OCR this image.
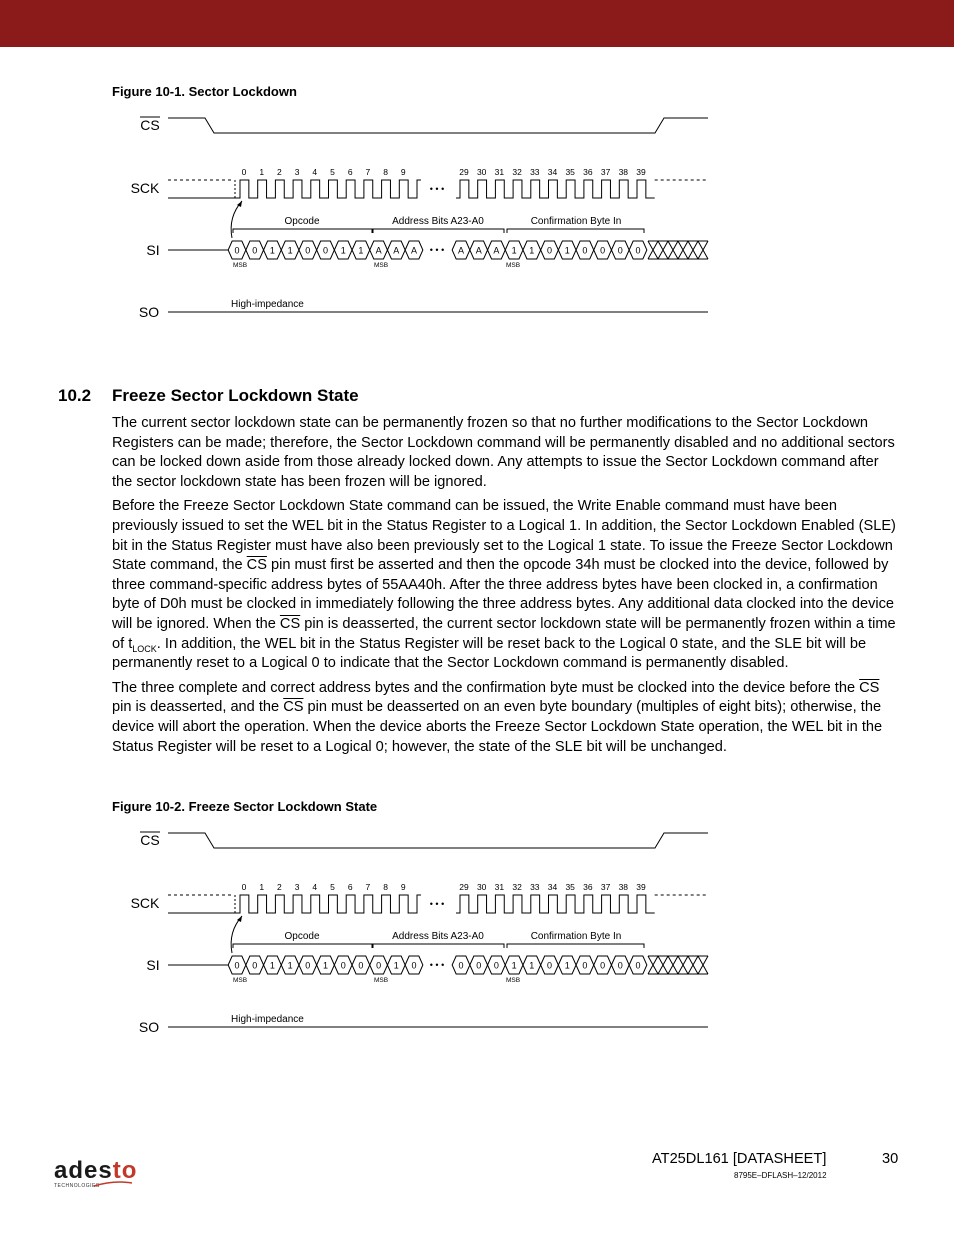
Figure 10-1. Sector Lockdown
CS
SCK
0 1 2 3 4 5 6 7 8 9
• • •
29 30 31 32 33 34 35 36 37 38 39
Opcode	Address Bits A23-A0	Confirmation Byte In
SI	0 0 1 1 0 0 1 1 A A A • • • A A A 1 1 0 1 0 0 0 0
MSB	MSB	MSB
SO	High-impedance
10.2 Freeze Sector Lockdown State

The current sector lockdown state can be permanently frozen so that no further modifications to the Sector Lockdown Registers can be made; therefore, the Sector Lockdown command will be permanently disabled and no additional sectors can be locked down aside from those already locked down. Any attempts to issue the Sector Lockdown command after the sector lockdown state has been frozen will be ignored.

Before the Freeze Sector Lockdown State command can be issued, the Write Enable command must have been previously issued to set the WEL bit in the Status Register to a Logical 1. In addition, the Sector Lockdown Enabled (SLE) bit in the Status Register must have also been previously set to the Logical 1 state. To issue the Freeze Sector Lockdown State command, the $\overline{CS}$ pin must first be asserted and then the opcode 34h must be clocked into the device, followed by three command-specific address bytes of 55AA40h. After the three address bytes have been clocked in, a confirmation byte of D0h must be clocked in immediately following the three address bytes. Any additional data clocked into the device will be ignored. When the $\overline{CS}$ pin is deasserted, the current sector lockdown state will be permanently frozen within a time of $t_{LOCK}$. In addition, the WEL bit in the Status Register will be reset back to the Logical 0 state, and the SLE bit will be permanently reset to a Logical 0 to indicate that the Sector Lockdown command is permanently disabled.

The three complete and correct address bytes and the confirmation byte must be clocked into the device before the $\overline{CS}$ pin is deasserted, and the $\overline{CS}$ pin must be deasserted on an even byte boundary (multiples of eight bits); otherwise, the device will abort the operation. When the device aborts the Freeze Sector Lockdown State operation, the WEL bit in the Status Register will be reset to a Logical 0; however, the state of the SLE bit will be unchanged.

Figure 10-2. Freeze Sector Lockdown State
CS
SCK
0 1 2 3 4 5 6 7 8 9
• • •
29 30 31 32 33 34 35 36 37 38 39
Opcode	Address Bits A23-A0	Confirmation Byte In
SI	0 0 1 1 0 1 0 0 0 1 0 • • • 0 0 0 1 1 0 1 0 0 0 0
MSB	MSB	MSB
SO	High-impedance
adesto
TECHNOLOGIES
AT25DL161 [DATASHEET]	30
8795E–DFLASH–12/2012
